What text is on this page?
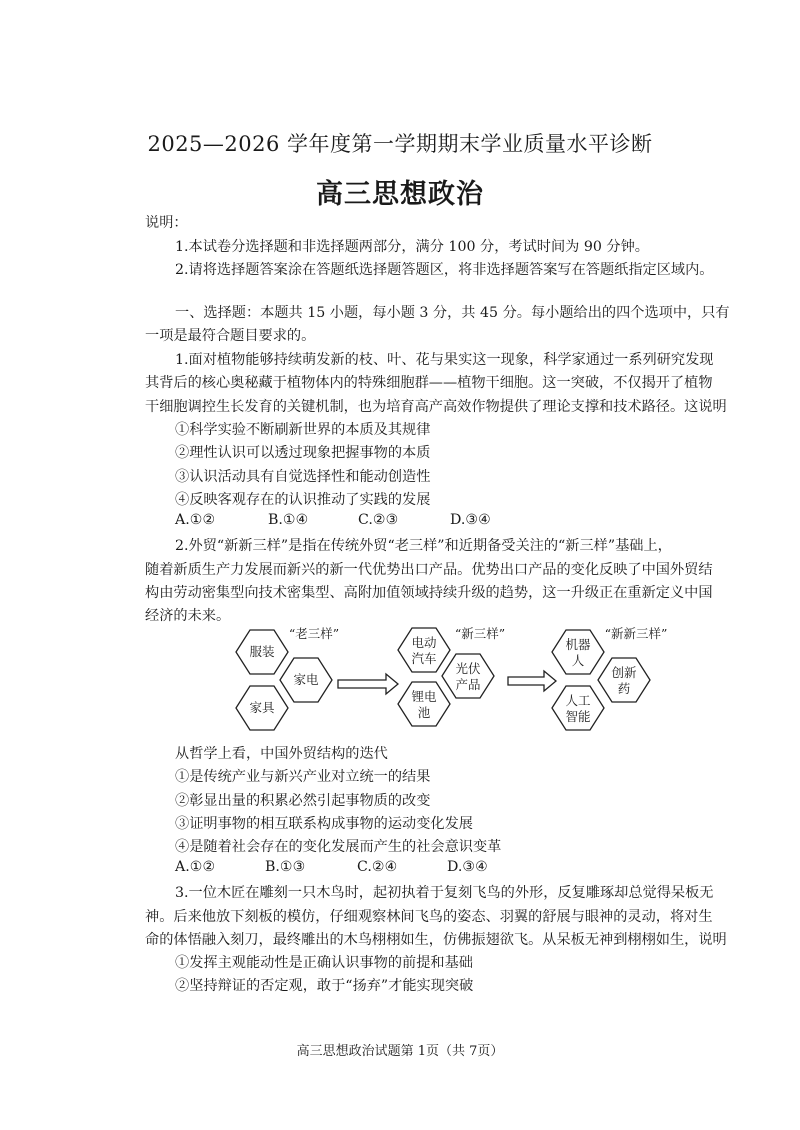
2025—2026 学年度第一学期期末学业质量水平诊断
高三思想政治
说明：
1.本试卷分选择题和非选择题两部分，满分 100 分，考试时间为 90 分钟。
2.请将选择题答案涂在答题纸选择题答题区，将非选择题答案写在答题纸指定区域内。
一、选择题：本题共 15 小题，每小题 3 分，共 45 分。每小题给出的四个选项中，只有
一项是最符合题目要求的。
1.面对植物能够持续萌发新的枝、叶、花与果实这一现象，科学家通过一系列研究发现
其背后的核心奥秘藏于植物体内的特殊细胞群——植物干细胞。这一突破，不仅揭开了植物
干细胞调控生长发育的关键机制，也为培育高产高效作物提供了理论支撑和技术路径。这说明
①科学实验不断刷新世界的本质及其规律
②理性认识可以透过现象把握事物的本质
③认识活动具有自觉选择性和能动创造性
④反映客观存在的认识推动了实践的发展
A.①②	B.①④	C.②③	D.③④
2.外贸“新新三样”是指在传统外贸“老三样”和近期备受关注的“新三样”基础上，
随着新质生产力发展而新兴的新一代优势出口产品。优势出口产品的变化反映了中国外贸结
构由劳动密集型向技术密集型、高附加值领域持续升级的趋势，这一升级正在重新定义中国
经济的未来。
“老三样”
服装
家电
家具
“新三样”
电动
汽车
光伏
产品
锂电
池
“新新三样”
机器
人
创新
药
人工
智能
从哲学上看，中国外贸结构的迭代
①是传统产业与新兴产业对立统一的结果
②彰显出量的积累必然引起事物质的改变
③证明事物的相互联系构成事物的运动变化发展
④是随着社会存在的变化发展而产生的社会意识变革
A.①②	B.①③	C.②④	D.③④
3.一位木匠在雕刻一只木鸟时，起初执着于复刻飞鸟的外形，反复雕琢却总觉得呆板无
神。后来他放下刻板的模仿，仔细观察林间飞鸟的姿态、羽翼的舒展与眼神的灵动，将对生
命的体悟融入刻刀，最终雕出的木鸟栩栩如生，仿佛振翅欲飞。从呆板无神到栩栩如生，说明
①发挥主观能动性是正确认识事物的前提和基础
②坚持辩证的否定观，敢于“扬弃”才能实现突破
高三思想政治试题第 1页（共 7页）
